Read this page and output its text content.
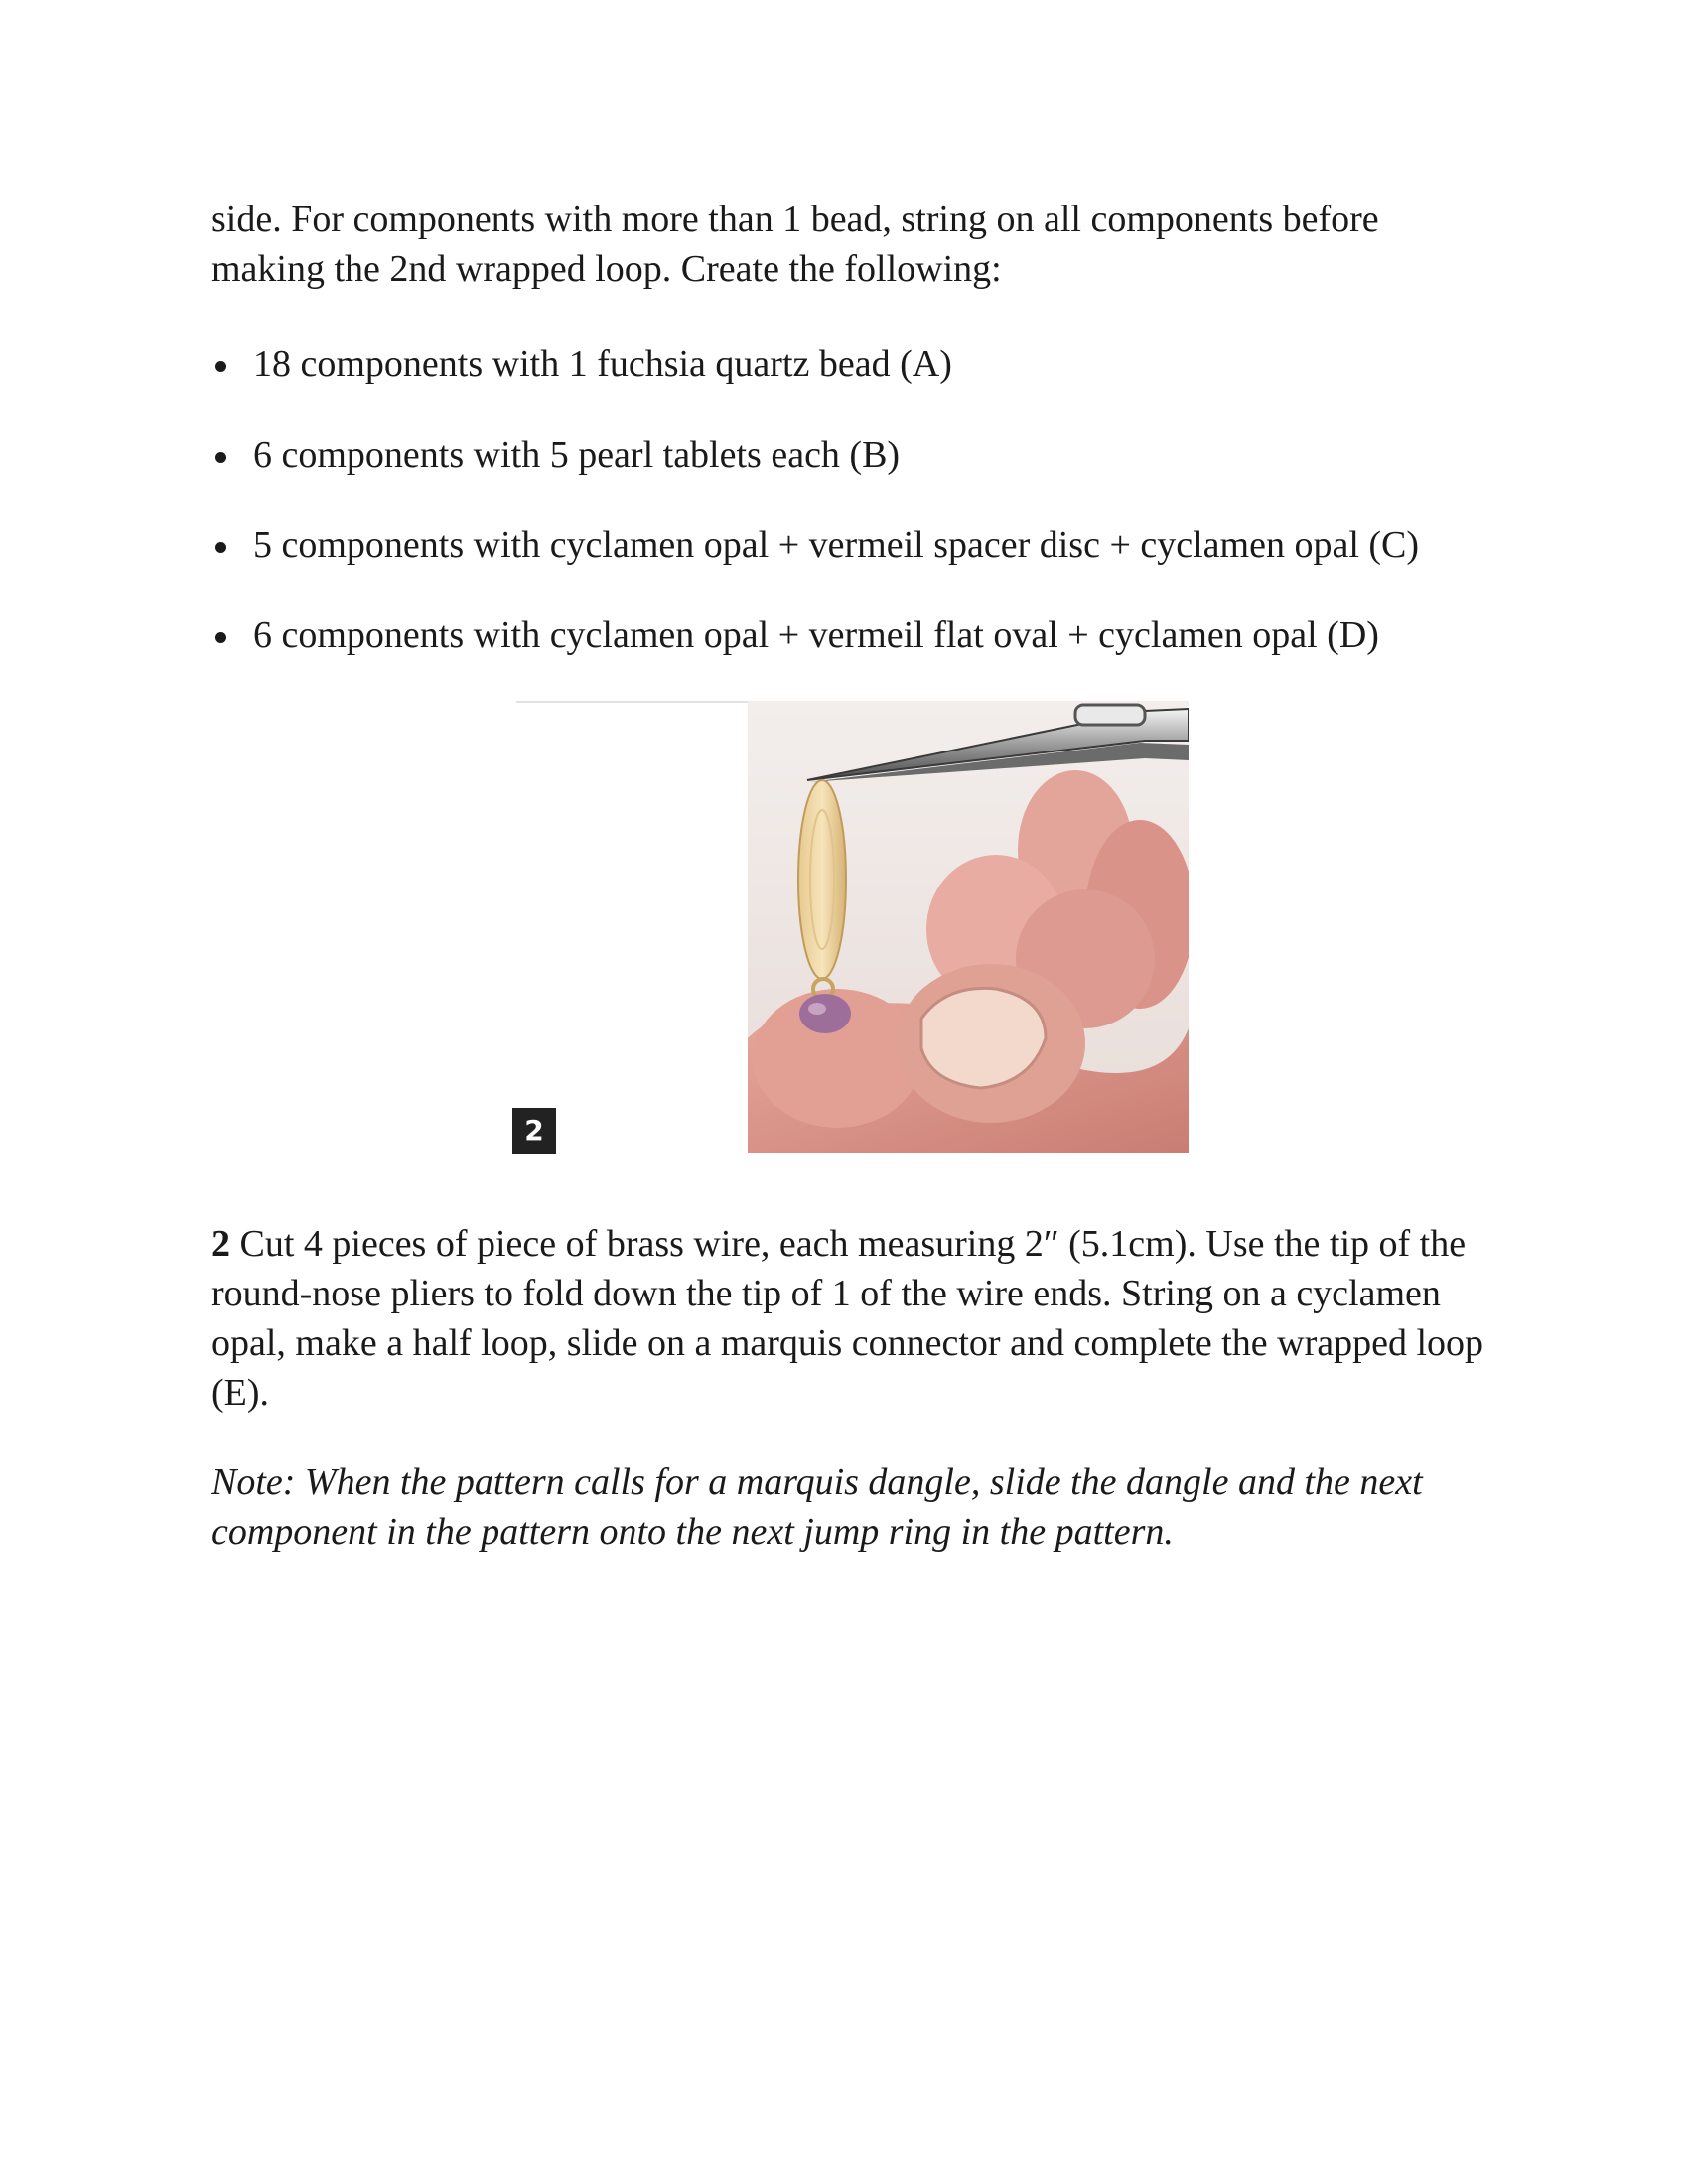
side. For components with more than 1 bead, string on all components before making the 2nd wrapped loop. Create the following:

18 components with 1 fuchsia quartz bead (A)
6 components with 5 pearl tablets each (B)
5 components with cyclamen opal + vermeil spacer disc + cyclamen opal (C)
6 components with cyclamen opal + vermeil flat oval + cyclamen opal (D)
2

2 Cut 4 pieces of piece of brass wire, each measuring 2″ (5.1cm). Use the tip of the round-nose pliers to fold down the tip of 1 of the wire ends. String on a cyclamen opal, make a half loop, slide on a marquis connector and complete the wrapped loop (E).

Note: When the pattern calls for a marquis dangle, slide the dangle and the next component in the pattern onto the next jump ring in the pattern.
